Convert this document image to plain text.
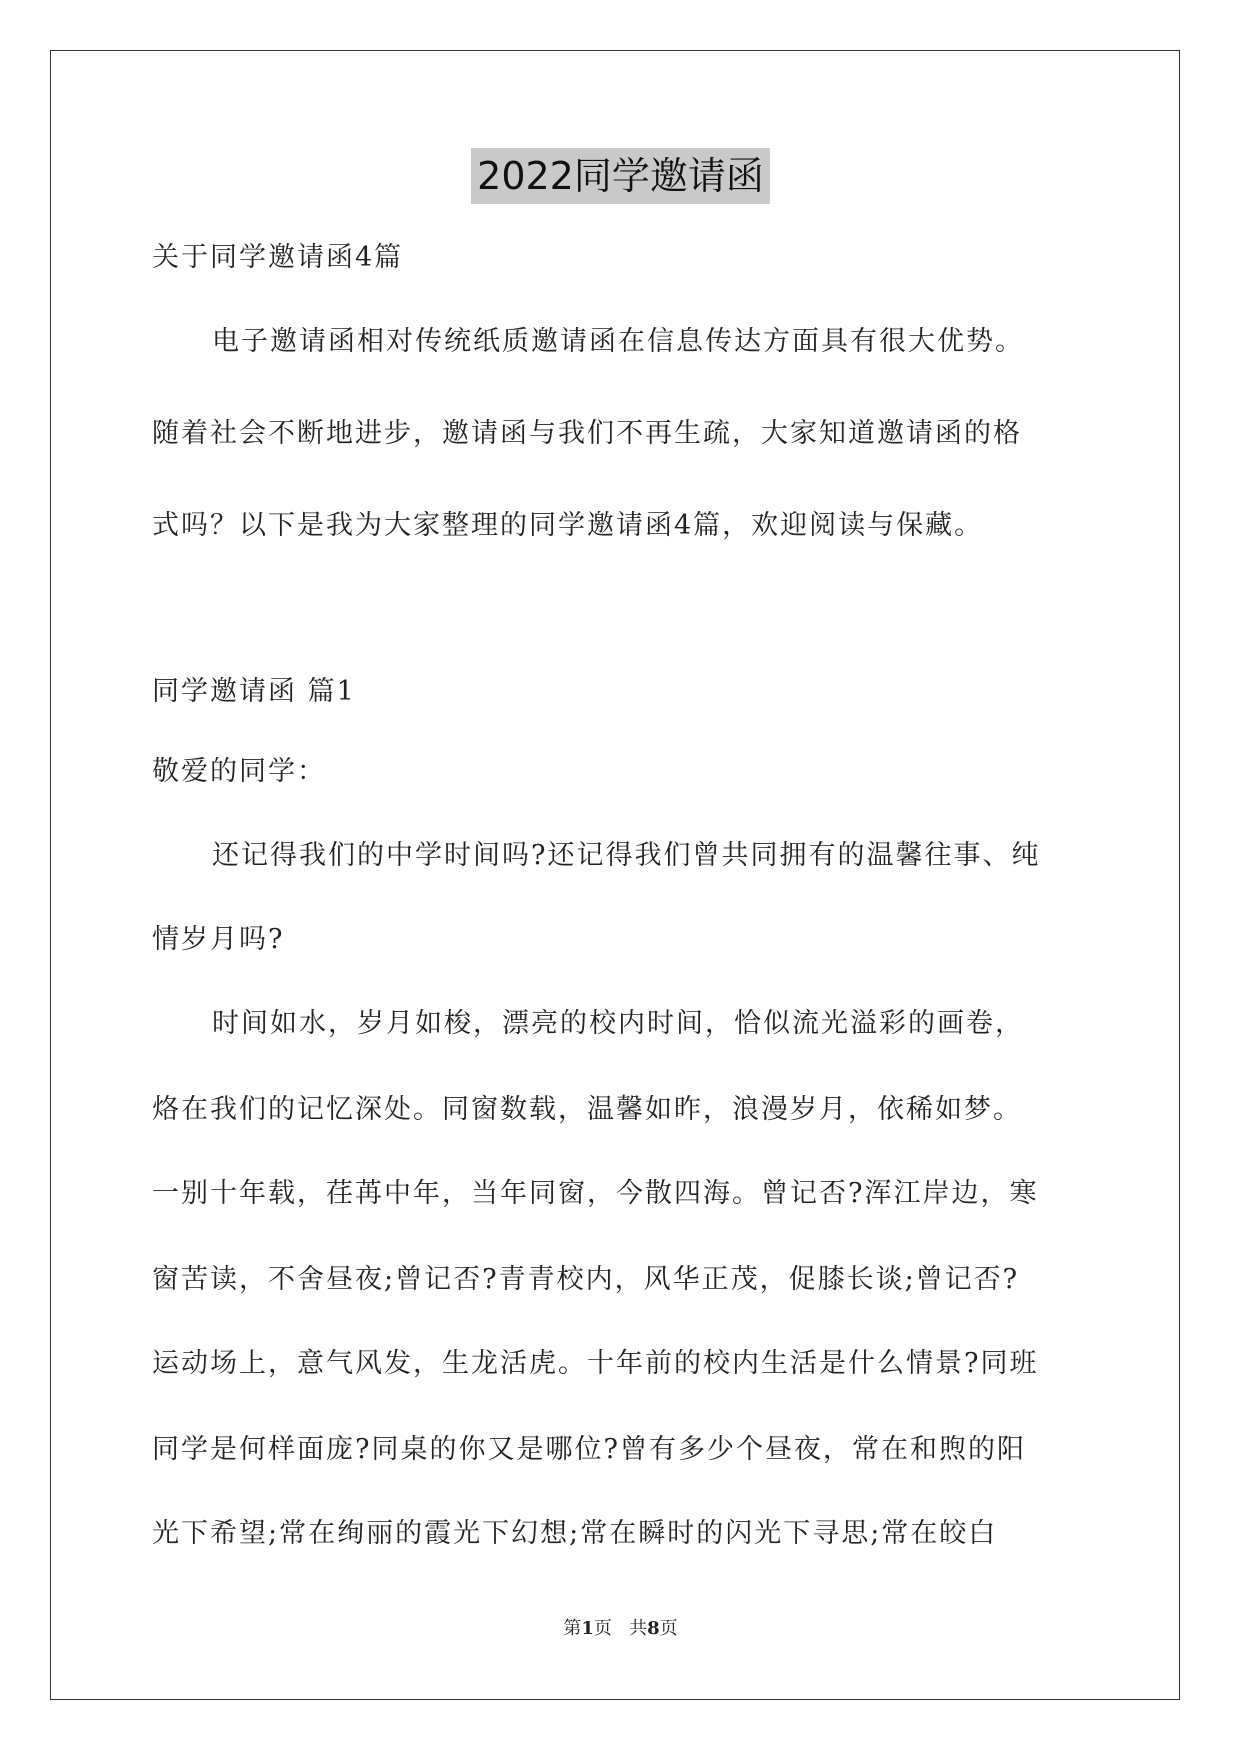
2022同学邀请函
关于同学邀请函4篇
电子邀请函相对传统纸质邀请函在信息传达方面具有很大优势。
随着社会不断地进步，邀请函与我们不再生疏，大家知道邀请函的格
式吗？以下是我为大家整理的同学邀请函4篇，欢迎阅读与保藏。
同学邀请函 篇1
敬爱的同学：
还记得我们的中学时间吗?还记得我们曾共同拥有的温馨往事、纯
情岁月吗?
时间如水，岁月如梭，漂亮的校内时间，恰似流光溢彩的画卷，
烙在我们的记忆深处。同窗数载，温馨如昨，浪漫岁月，依稀如梦。
一别十年载，荏苒中年，当年同窗，今散四海。曾记否?浑江岸边，寒
窗苦读，不舍昼夜;曾记否?青青校内，风华正茂，促膝长谈;曾记否?
运动场上，意气风发，生龙活虎。十年前的校内生活是什么情景?同班
同学是何样面庞?同桌的你又是哪位?曾有多少个昼夜，常在和煦的阳
光下希望;常在绚丽的霞光下幻想;常在瞬时的闪光下寻思;常在皎白
第1页   共8页
